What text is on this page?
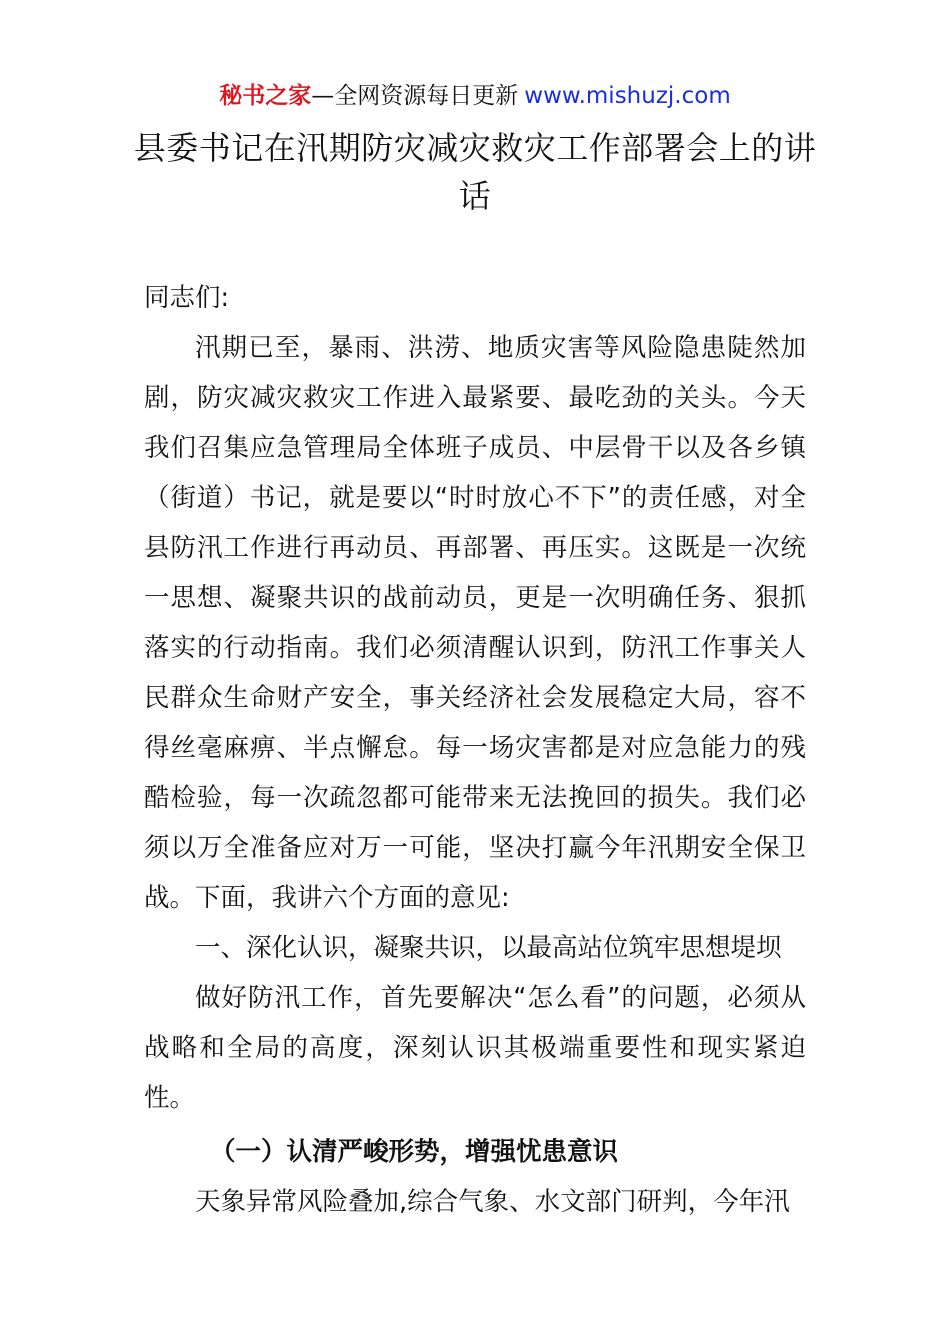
秘书之家—全网资源每日更新 www.mishuzj.com
县委书记在汛期防灾减灾救灾工作部署会上的讲话

同志们:

汛期已至，暴雨、洪涝、地质灾害等风险隐患陡然加剧，防灾减灾救灾工作进入最紧要、最吃劲的关头。今天我们召集应急管理局全体班子成员、中层骨干以及各乡镇（街道）书记，就是要以“时时放心不下”的责任感，对全县防汛工作进行再动员、再部署、再压实。这既是一次统一思想、凝聚共识的战前动员，更是一次明确任务、狠抓落实的行动指南。我们必须清醒认识到，防汛工作事关人民群众生命财产安全，事关经济社会发展稳定大局，容不得丝毫麻痹、半点懈怠。每一场灾害都是对应急能力的残酷检验，每一次疏忽都可能带来无法挽回的损失。我们必须以万全准备应对万一可能，坚决打赢今年汛期安全保卫战。下面，我讲六个方面的意见:

一、深化认识，凝聚共识，以最高站位筑牢思想堤坝

做好防汛工作，首先要解决“怎么看”的问题，必须从战略和全局的高度，深刻认识其极端重要性和现实紧迫性。

（一）认清严峻形势，增强忧患意识

天象异常风险叠加,综合气象、水文部门研判，今年汛
